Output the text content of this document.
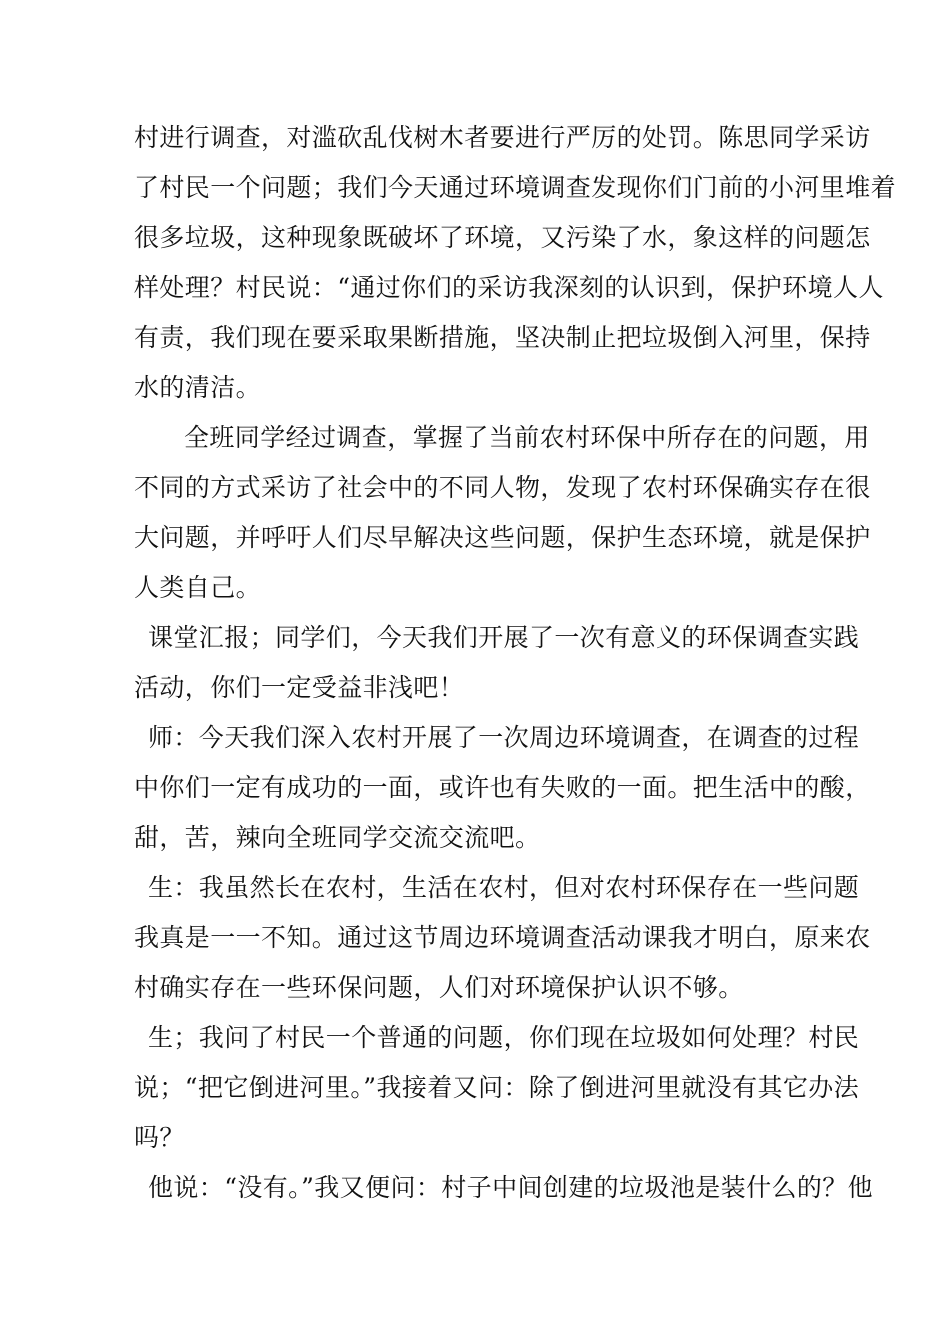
村进行调查，对滥砍乱伐树木者要进行严厉的处罚。陈思同学采访
了村民一个问题；我们今天通过环境调查发现你们门前的小河里堆着
很多垃圾，这种现象既破坏了环境，又污染了水，象这样的问题怎
样处理？村民说：“通过你们的采访我深刻的认识到，保护环境人人
有责，我们现在要采取果断措施，坚决制止把垃圾倒入河里，保持
水的清洁。
全班同学经过调查，掌握了当前农村环保中所存在的问题，用
不同的方式采访了社会中的不同人物，发现了农村环保确实存在很
大问题，并呼吁人们尽早解决这些问题，保护生态环境，就是保护
人类自己。
课堂汇报；同学们，今天我们开展了一次有意义的环保调查实践
活动，你们一定受益非浅吧！
师：今天我们深入农村开展了一次周边环境调查，在调查的过程
中你们一定有成功的一面，或许也有失败的一面。把生活中的酸，
甜，苦，辣向全班同学交流交流吧。
生：我虽然长在农村，生活在农村，但对农村环保存在一些问题
我真是一一不知。通过这节周边环境调查活动课我才明白，原来农
村确实存在一些环保问题，人们对环境保护认识不够。
生；我问了村民一个普通的问题，你们现在垃圾如何处理？村民
说；“把它倒进河里。”我接着又问：除了倒进河里就没有其它办法
吗？
他说：“没有。”我又便问：村子中间创建的垃圾池是装什么的？他
